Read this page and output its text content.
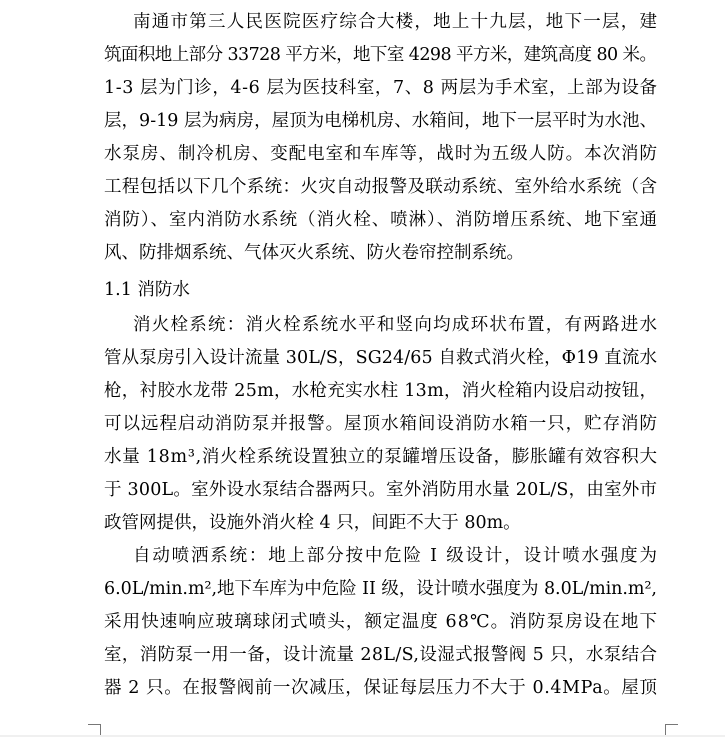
南通市第三人民医院医疗综合大楼，地上十九层，地下一层，建
筑面积地上部分 33728 平方米，地下室 4298 平方米，建筑高度 80 米。
1-3 层为门诊，4-6 层为医技科室，7、8 两层为手术室，上部为设备
层，9-19 层为病房，屋顶为电梯机房、水箱间，地下一层平时为水池、
水泵房、制冷机房、变配电室和车库等，战时为五级人防。本次消防
工程包括以下几个系统：火灾自动报警及联动系统、室外给水系统（含
消防）、室内消防水系统（消火栓、喷淋）、消防增压系统、地下室通
风、防排烟系统、气体灭火系统、防火卷帘控制系统。
1.1 消防水
消火栓系统：消火栓系统水平和竖向均成环状布置，有两路进水
管从泵房引入设计流量 30L/S，SG24/65 自救式消火栓，Φ19 直流水
枪，衬胶水龙带 25m，水枪充实水柱 13m，消火栓箱内设启动按钮，
可以远程启动消防泵并报警。屋顶水箱间设消防水箱一只，贮存消防
水量 18m³,消火栓系统设置独立的泵罐增压设备，膨胀罐有效容积大
于 300L。室外设水泵结合器两只。室外消防用水量 20L/S，由室外市
政管网提供，设施外消火栓 4 只，间距不大于 80m。
自动喷洒系统：地上部分按中危险 I 级设计，设计喷水强度为
6.0L/min.m²,地下车库为中危险 II 级，设计喷水强度为 8.0L/min.m²,
采用快速响应玻璃球闭式喷头，额定温度 68℃。消防泵房设在地下
室，消防泵一用一备，设计流量 28L/S,设湿式报警阀 5 只，水泵结合
器 2 只。在报警阀前一次减压，保证每层压力不大于 0.4MPa。屋顶
